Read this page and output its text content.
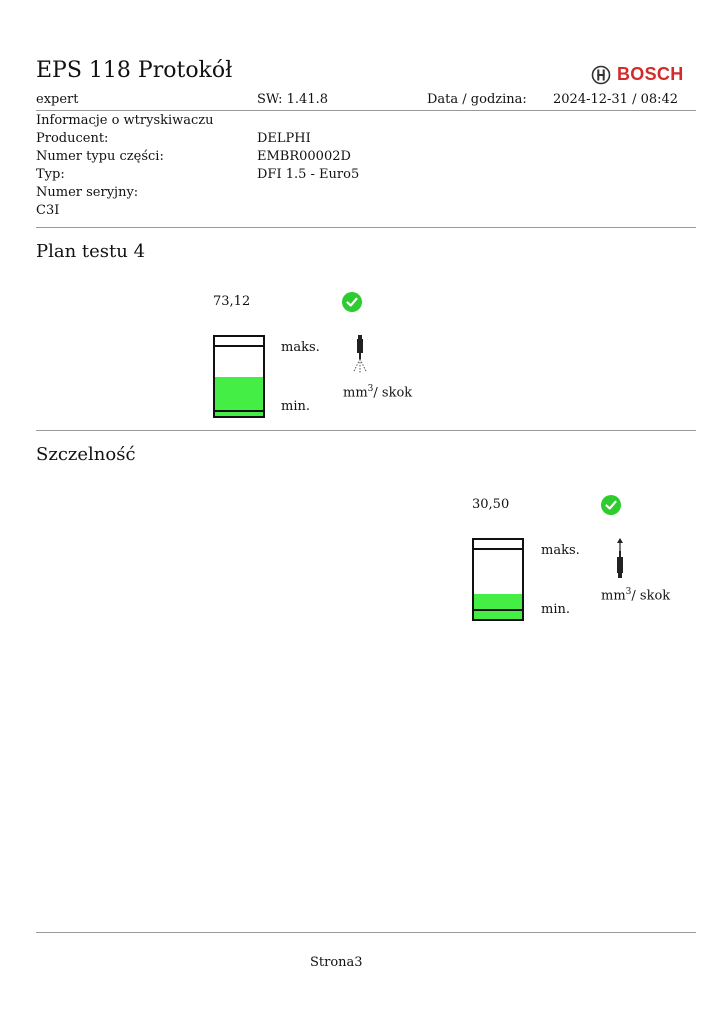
EPS 118 Protokół	BOSCH
expert	SW: 1.41.8	Data / godzina: 2024-12-31 / 08:42
Informacje o wtryskiwaczu
Producent:	DELPHI
Numer typu części:	EMBR00002D
Typ:	DFI 1.5 - Euro5
Numer seryjny:
C3I
Plan testu 4
73,12
maks.
min.
$mm^3/$ skok
Szczelność
30,50
maks.
min.
$mm^3/$ skok
Strona3
